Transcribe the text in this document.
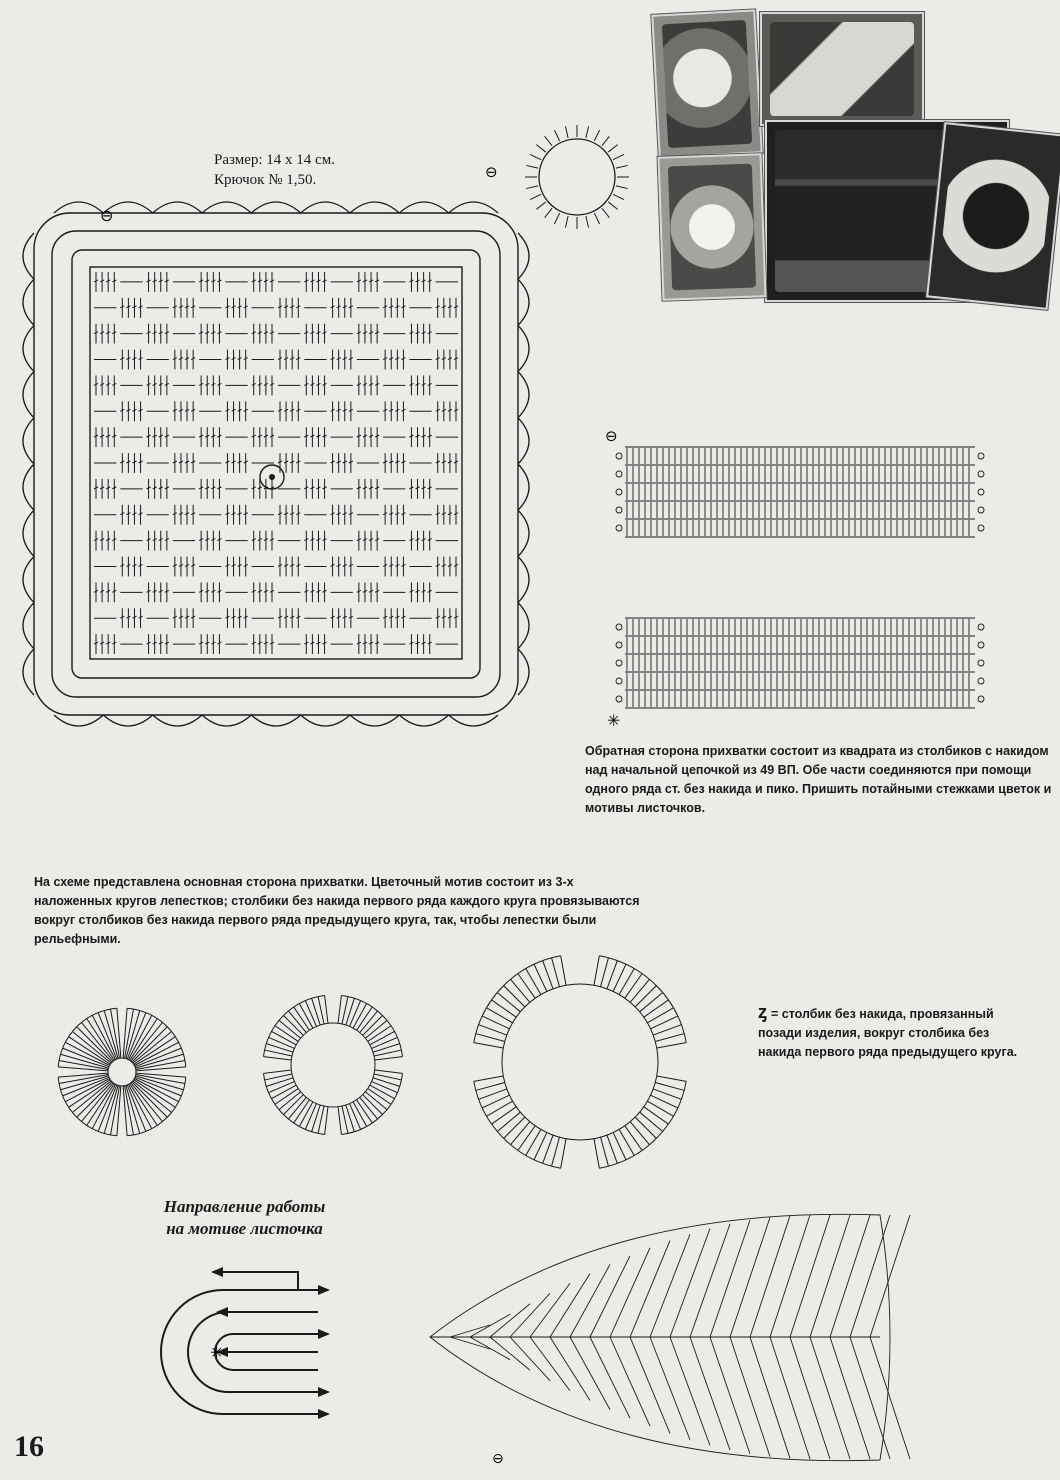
Размер: 14 х 14 см.
Крючок № 1,50.
⊖
⊖
⊖
✳
Обратная сторона прихватки состоит из квадрата из столбиков с накидом над начальной цепочкой из 49 ВП. Обе части соединяются при помощи одного ряда ст. без накида и пико. Пришить потайными стежками цветок и мотивы листочков.
На схеме представлена основная сторона прихватки. Цветочный мотив состоит из 3-х наложенных кругов лепестков; столбики без накида первого ряда каждого круга провязываются вокруг столбиков без накида первого ряда предыдущего круга, так, чтобы лепестки были рельефными.
ᶎ = столбик без накида, провязанный позади изделия, вокруг столбика без накида первого ряда предыдущего круга.
Направление работы
на мотиве листочка
✳
⊖
16
